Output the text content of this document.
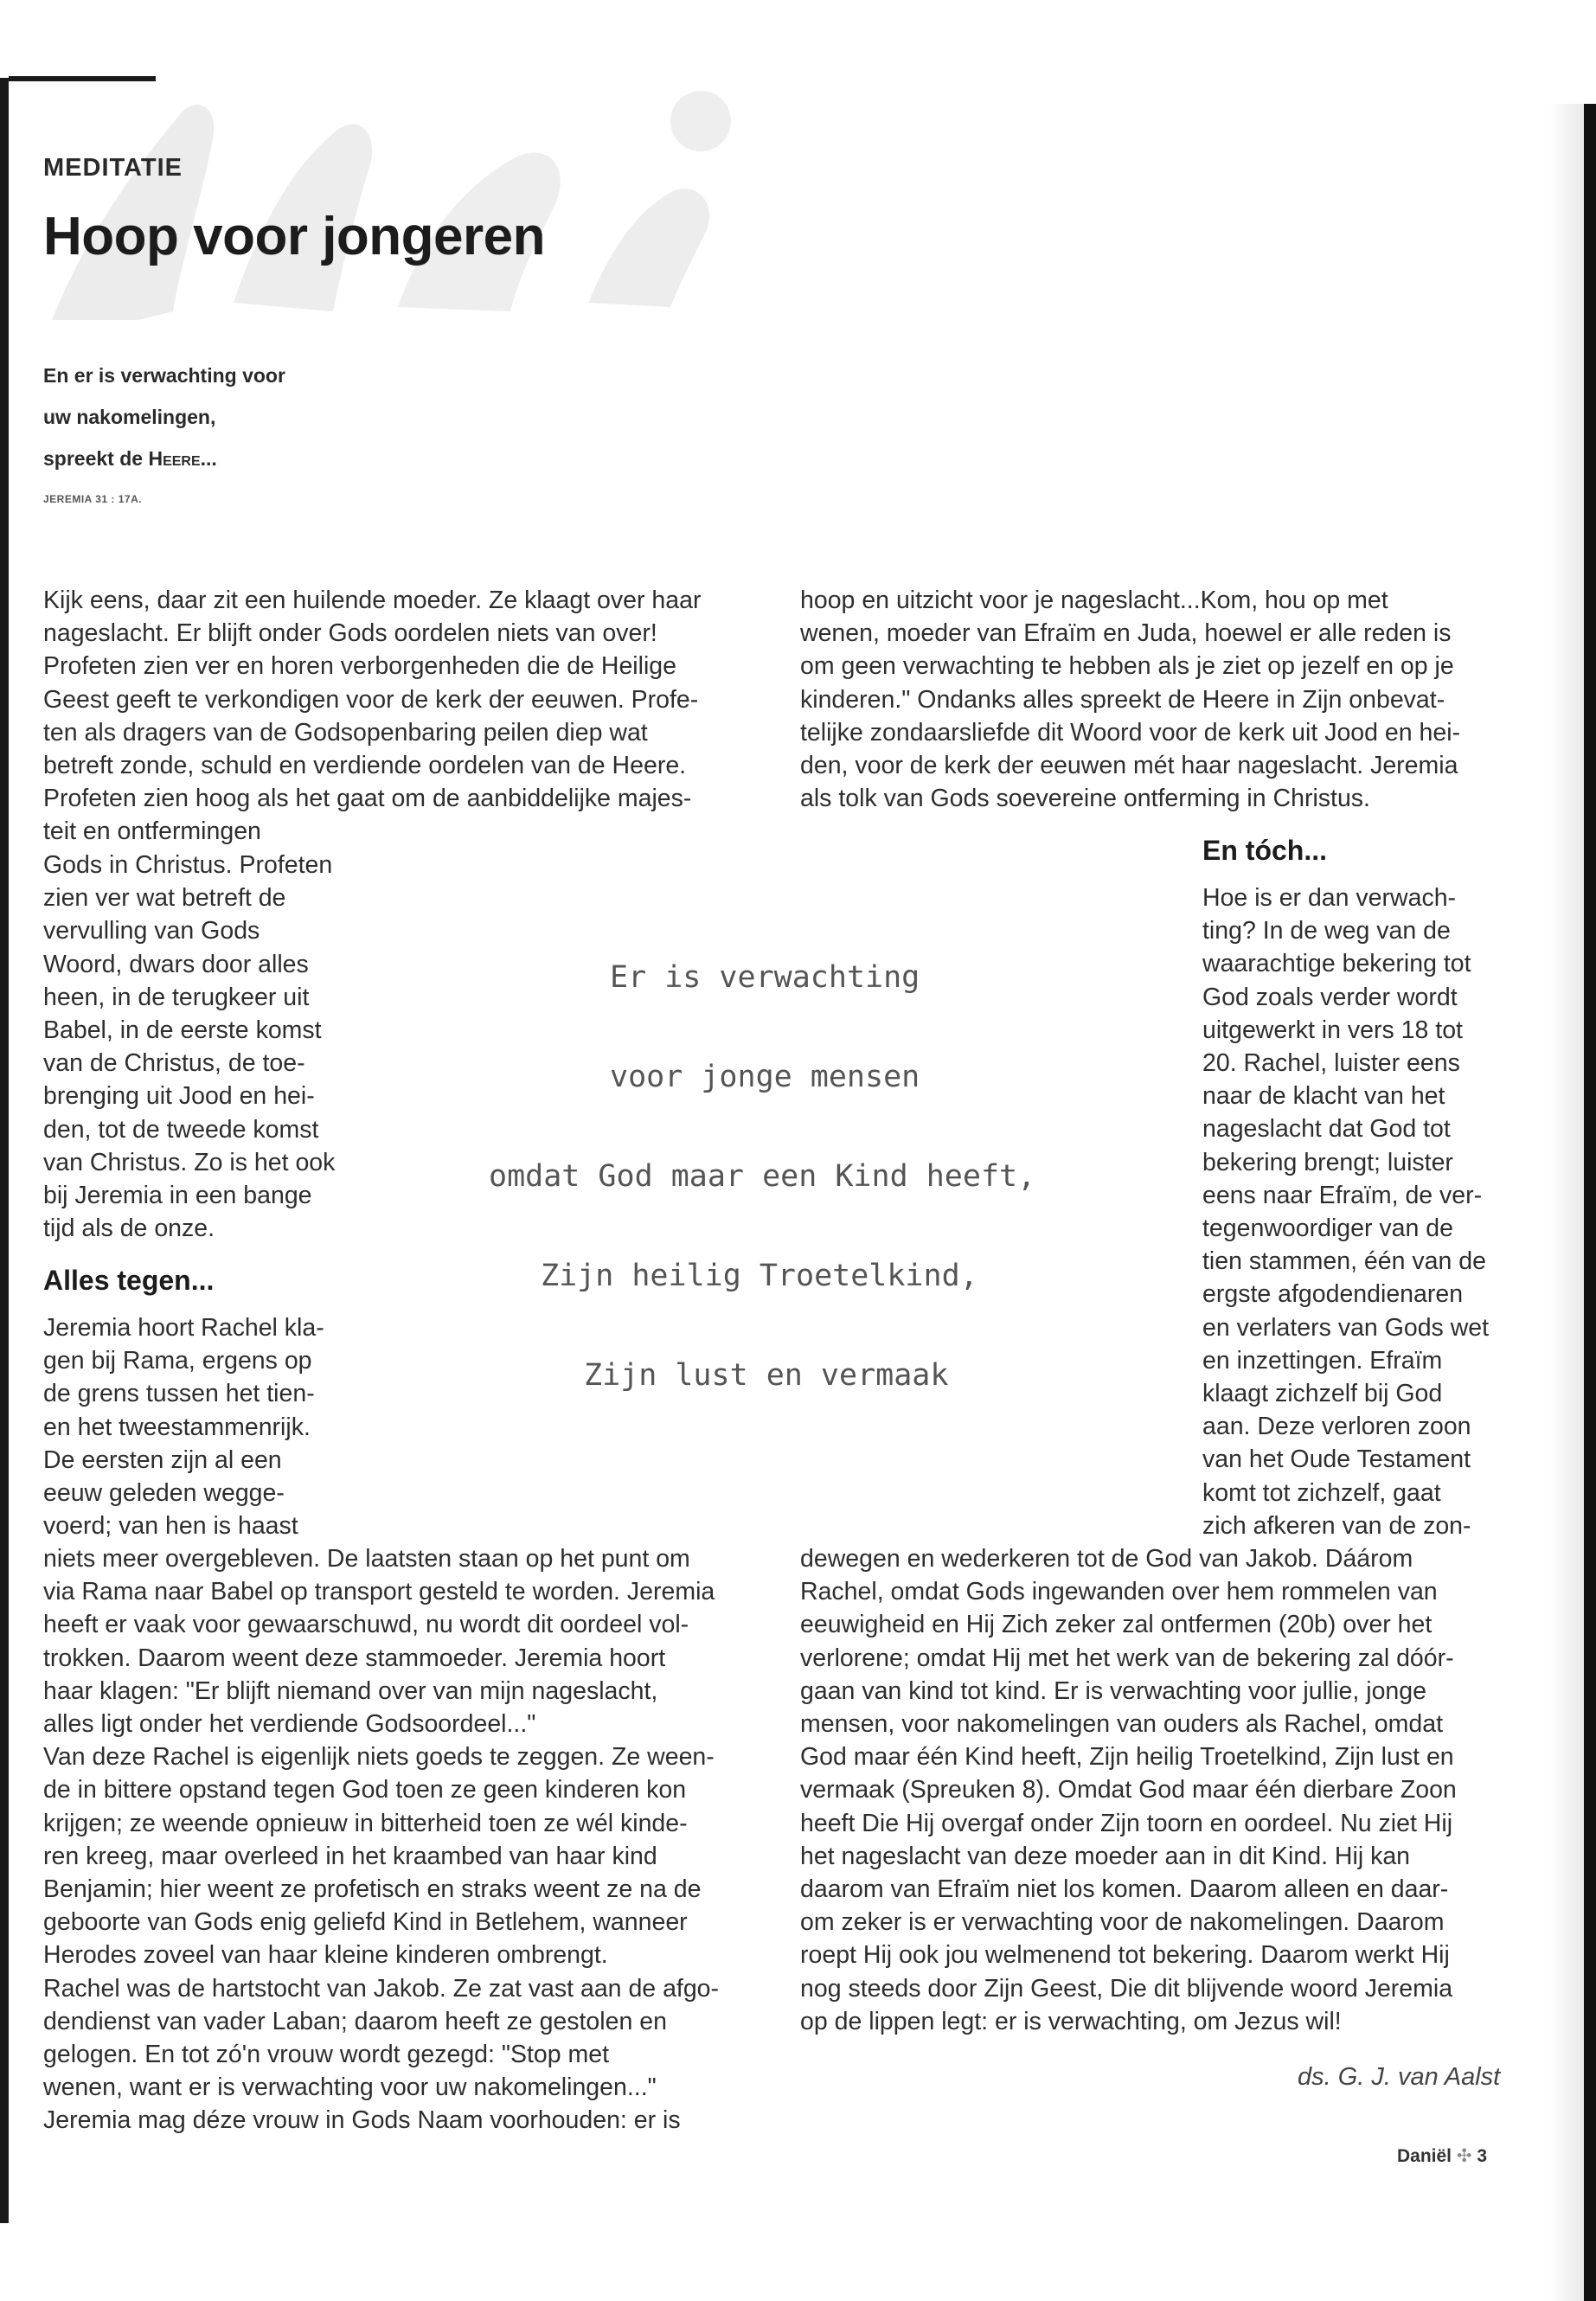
MEDITATIE
Hoop voor jongeren
En er is verwachting voor
uw nakomelingen,
spreekt de Heere...
JEREMIA 31 : 17A.

Kijk eens, daar zit een huilende moeder. Ze klaagt over haar

nageslacht. Er blijft onder Gods oordelen niets van over!

Profeten zien ver en horen verborgenheden die de Heilige

Geest geeft te verkondigen voor de kerk der eeuwen. Profe-

ten als dragers van de Godsopenbaring peilen diep wat

betreft zonde, schuld en verdiende oordelen van de Heere.

Profeten zien hoog als het gaat om de aanbiddelijke majes-

teit en ontfermingen

Gods in Christus. Profeten

zien ver wat betreft de

vervulling van Gods

Woord, dwars door alles

heen, in de terugkeer uit

Babel, in de eerste komst

van de Christus, de toe-

brenging uit Jood en hei-

den, tot de tweede komst

van Christus. Zo is het ook

bij Jeremia in een bange

tijd als de onze.

Alles tegen...

Jeremia hoort Rachel kla-

gen bij Rama, ergens op

de grens tussen het tien-

en het tweestammenrijk.

De eersten zijn al een

eeuw geleden wegge-

voerd; van hen is haast

niets meer overgebleven. De laatsten staan op het punt om

via Rama naar Babel op transport gesteld te worden. Jeremia

heeft er vaak voor gewaarschuwd, nu wordt dit oordeel vol-

trokken. Daarom weent deze stammoeder. Jeremia hoort

haar klagen: "Er blijft niemand over van mijn nageslacht,

alles ligt onder het verdiende Godsoordeel..."

Van deze Rachel is eigenlijk niets goeds te zeggen. Ze ween-

de in bittere opstand tegen God toen ze geen kinderen kon

krijgen; ze weende opnieuw in bitterheid toen ze wél kinde-

ren kreeg, maar overleed in het kraambed van haar kind

Benjamin; hier weent ze profetisch en straks weent ze na de

geboorte van Gods enig geliefd Kind in Betlehem, wanneer

Herodes zoveel van haar kleine kinderen ombrengt.

Rachel was de hartstocht van Jakob. Ze zat vast aan de afgo-

dendienst van vader Laban; daarom heeft ze gestolen en

gelogen. En tot zó'n vrouw wordt gezegd: "Stop met

wenen, want er is verwachting voor uw nakomelingen..."

Jeremia mag déze vrouw in Gods Naam voorhouden: er is

hoop en uitzicht voor je nageslacht...Kom, hou op met

wenen, moeder van Efraïm en Juda, hoewel er alle reden is

om geen verwachting te hebben als je ziet op jezelf en op je

kinderen." Ondanks alles spreekt de Heere in Zijn onbevat-

telijke zondaarsliefde dit Woord voor de kerk uit Jood en hei-

den, voor de kerk der eeuwen mét haar nageslacht. Jeremia

als tolk van Gods soevereine ontferming in Christus.

En tóch...

Hoe is er dan verwach-

ting? In de weg van de

waarachtige bekering tot

God zoals verder wordt

uitgewerkt in vers 18 tot

20. Rachel, luister eens

naar de klacht van het

nageslacht dat God tot

bekering brengt; luister

eens naar Efraïm, de ver-

tegenwoordiger van de

tien stammen, één van de

ergste afgodendienaren

en verlaters van Gods wet

en inzettingen. Efraïm

klaagt zichzelf bij God

aan. Deze verloren zoon

van het Oude Testament

komt tot zichzelf, gaat

zich afkeren van de zon-

dewegen en wederkeren tot de God van Jakob. Dáárom

Rachel, omdat Gods ingewanden over hem rommelen van

eeuwigheid en Hij Zich zeker zal ontfermen (20b) over het

verlorene; omdat Hij met het werk van de bekering zal dóór-

gaan van kind tot kind. Er is verwachting voor jullie, jonge

mensen, voor nakomelingen van ouders als Rachel, omdat

God maar één Kind heeft, Zijn heilig Troetelkind, Zijn lust en

vermaak (Spreuken 8). Omdat God maar één dierbare Zoon

heeft Die Hij overgaf onder Zijn toorn en oordeel. Nu ziet Hij

het nageslacht van deze moeder aan in dit Kind. Hij kan

daarom van Efraïm niet los komen. Daarom alleen en daar-

om zeker is er verwachting voor de nakomelingen. Daarom

roept Hij ook jou welmenend tot bekering. Daarom werkt Hij

nog steeds door Zijn Geest, Die dit blijvende woord Jeremia

op de lippen legt: er is verwachting, om Jezus wil!

Er is verwachting
voor jonge mensen
omdat God maar een Kind heeft,
Zijn heilig Troetelkind,
Zijn lust en vermaak
ds. G. J. van Aalst
Daniël ✣ 3
